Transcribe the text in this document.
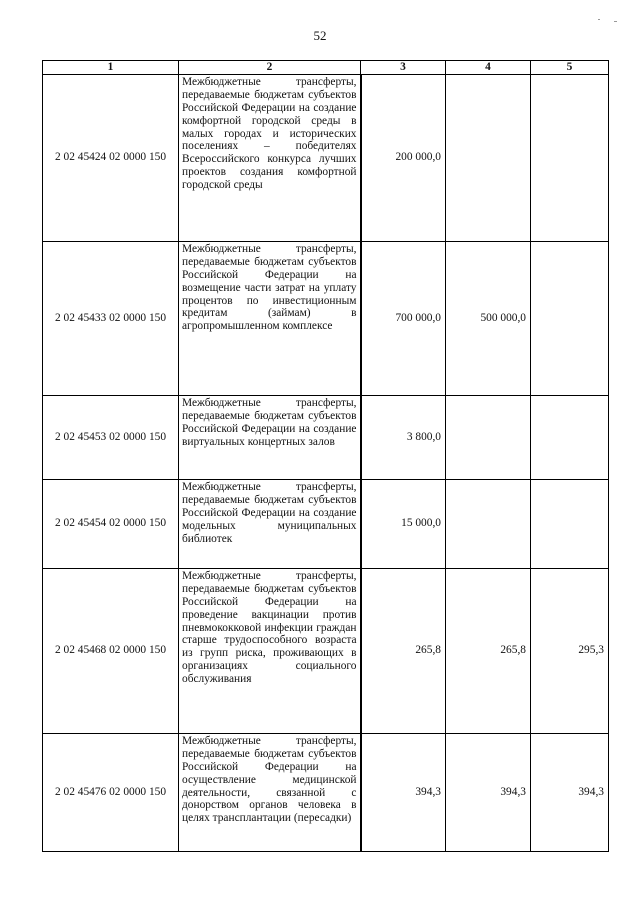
52
1	2	3	4	5
2 02 45424 02 0000 150	Межбюджетные трансферты, передаваемые бюджетам субъектов Российской Федерации на создание комфортной городской среды в малых городах и исторических поселениях – победителях Всероссийского конкурса лучших проектов создания комфортной городской среды	200 000,0		
2 02 45433 02 0000 150	Межбюджетные трансферты, передаваемые бюджетам субъектов Российской Федерации на возмещение части затрат на уплату процентов по инвестиционным кредитам (займам) в агропромышленном комплексе	700 000,0	500 000,0	
2 02 45453 02 0000 150	Межбюджетные трансферты, передаваемые бюджетам субъектов Российской Федерации на создание виртуальных концертных залов	3 800,0		
2 02 45454 02 0000 150	Межбюджетные трансферты, передаваемые бюджетам субъектов Российской Федерации на создание модельных муниципальных библиотек	15 000,0		
2 02 45468 02 0000 150	Межбюджетные трансферты, передаваемые бюджетам субъектов Российской Федерации на проведение вакцинации против пневмококковой инфекции граждан старше трудоспособного возраста из групп риска, проживающих в организациях социального обслуживания	265,8	265,8	295,3
2 02 45476 02 0000 150	Межбюджетные трансферты, передаваемые бюджетам субъектов Российской Федерации на осуществление медицинской деятельности, связанной с донорством органов человека в целях трансплантации (пересадки)	394,3	394,3	394,3
